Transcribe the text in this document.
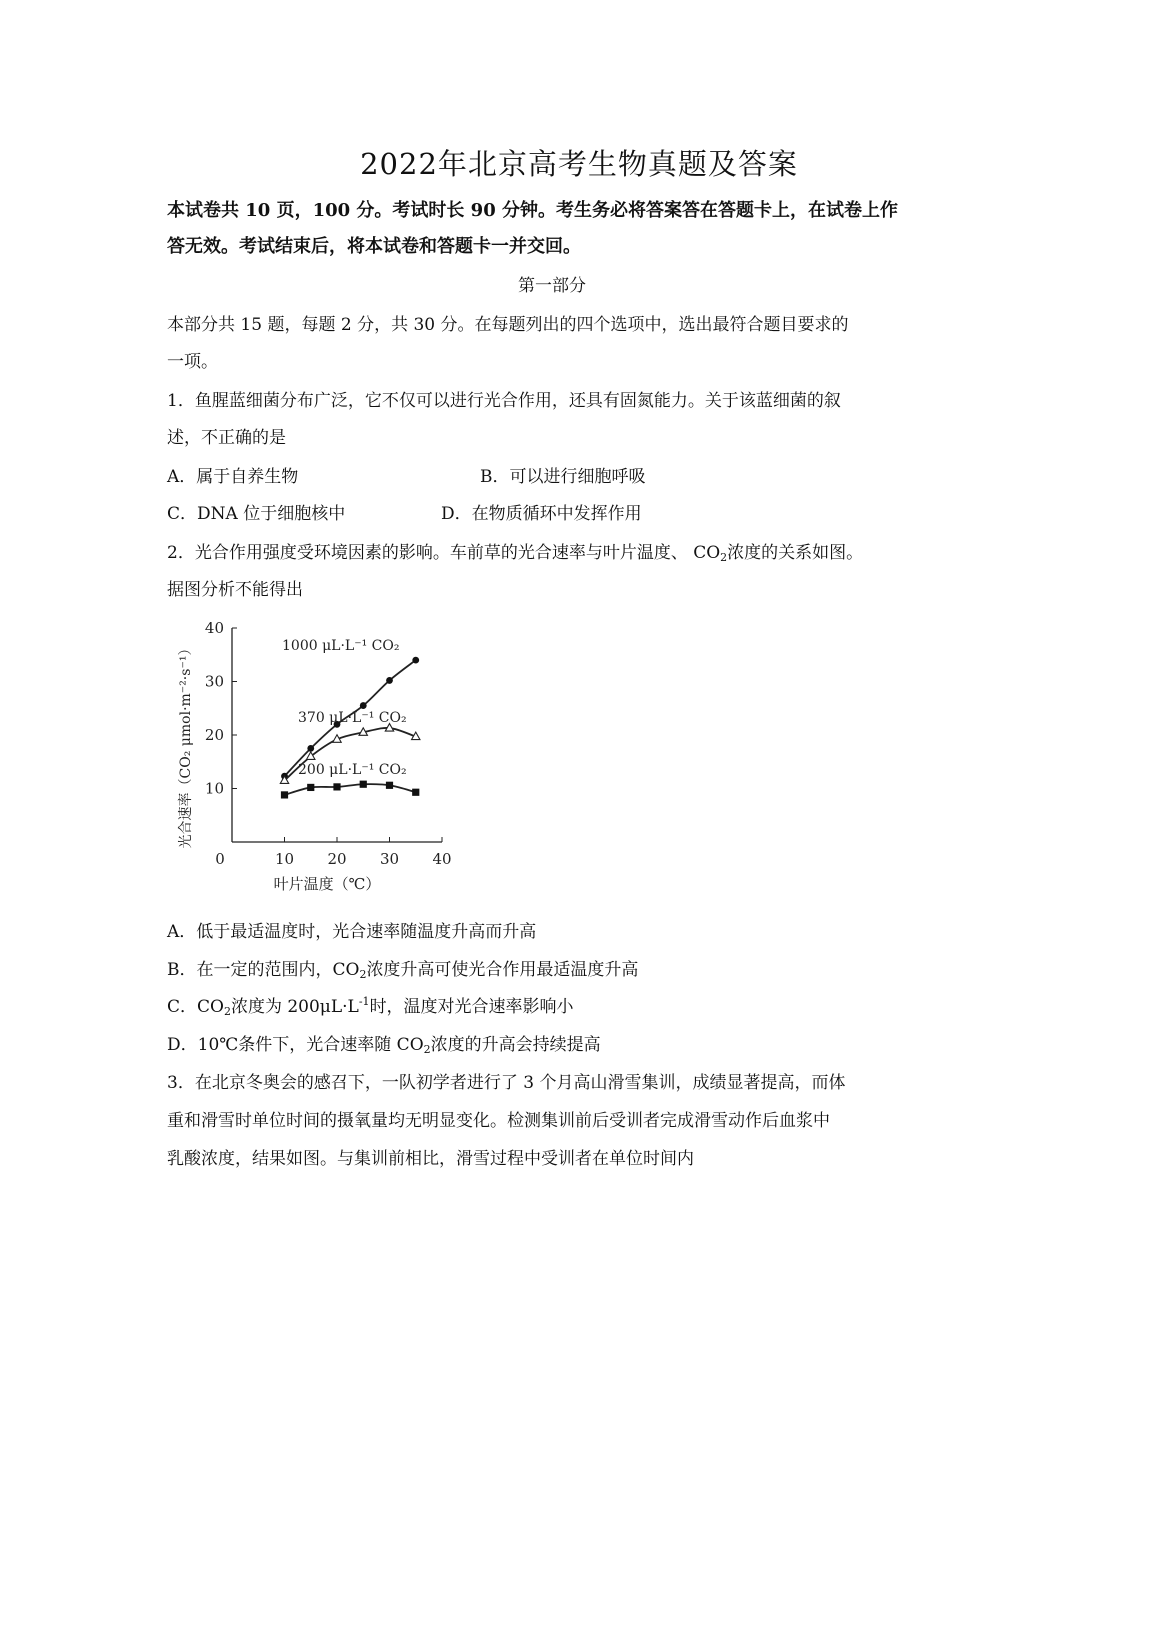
2022年北京高考生物真题及答案
本试卷共 10 页，100 分。考试时长 90 分钟。考生务必将答案答在答题卡上，在试卷上作
答无效。考试结束后，将本试卷和答题卡一并交回。
第一部分
本部分共 15 题，每题 2 分，共 30 分。在每题列出的四个选项中，选出最符合题目要求的
一项。
1．鱼腥蓝细菌分布广泛，它不仅可以进行光合作用，还具有固氮能力。关于该蓝细菌的叙
述，不正确的是
A．属于自养生物	B．可以进行细胞呼吸
C．DNA 位于细胞核中	D．在物质循环中发挥作用
2．光合作用强度受环境因素的影响。车前草的光合速率与叶片温度、 $CO_2$浓度的关系如图。
据图分析不能得出
0	10 20 30 40
10
20
30
40
叶片温度（℃）
光合速率（CO₂ μmol·m⁻²·s⁻¹）	1000 μL·L⁻¹ CO₂
370 μL·L⁻¹ CO₂
200 μL·L⁻¹ CO₂
A．低于最适温度时，光合速率随温度升高而升高
B．在一定的范围内，$CO_2$浓度升高可使光合作用最适温度升高
C．$CO_2$浓度为 $200\mu L\cdot L^{-1}$时，温度对光合速率影响小
D．10℃条件下，光合速率随 $CO_2$浓度的升高会持续提高
3．在北京冬奥会的感召下，一队初学者进行了 3 个月高山滑雪集训，成绩显著提高，而体
重和滑雪时单位时间的摄氧量均无明显变化。检测集训前后受训者完成滑雪动作后血浆中
乳酸浓度，结果如图。与集训前相比，滑雪过程中受训者在单位时间内
